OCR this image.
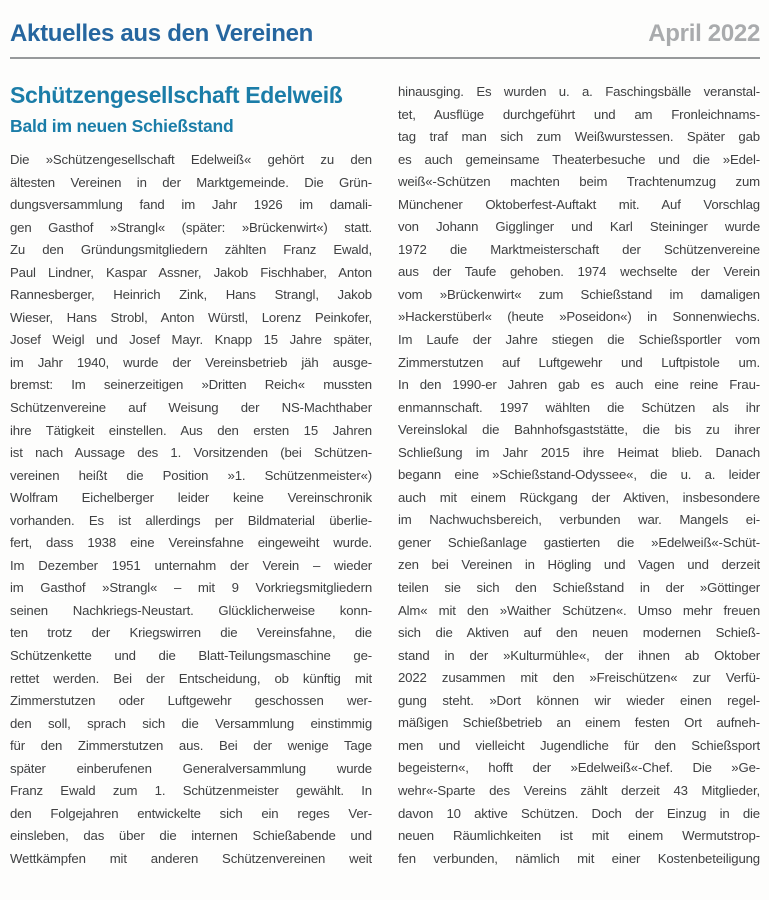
Aktuelles aus den Vereinen	April 2022
Schützengesellschaft Edelweiß
Bald im neuen Schießstand
Die »Schützengesellschaft Edelweiß« gehört zu den
ältesten Vereinen in der Marktgemeinde. Die Grün-
dungsversammlung fand im Jahr 1926 im damali-
gen Gasthof »Strangl« (später: »Brückenwirt«) statt.
Zu den Gründungsmitgliedern zählten Franz Ewald,
Paul Lindner, Kaspar Assner, Jakob Fischhaber, Anton
Rannesberger, Heinrich Zink, Hans Strangl, Jakob
Wieser, Hans Strobl, Anton Würstl, Lorenz Peinkofer,
Josef Weigl und Josef Mayr. Knapp 15 Jahre später,
im Jahr 1940, wurde der Vereinsbetrieb jäh ausge-
bremst: Im seinerzeitigen »Dritten Reich« mussten
Schützenvereine auf Weisung der NS-Machthaber
ihre Tätigkeit einstellen. Aus den ersten 15 Jahren
ist nach Aussage des 1. Vorsitzenden (bei Schützen-
vereinen heißt die Position »1. Schützenmeister«)
Wolfram Eichelberger leider keine Vereinschronik
vorhanden. Es ist allerdings per Bildmaterial überlie-
fert, dass 1938 eine Vereinsfahne eingeweiht wurde.
Im Dezember 1951 unternahm der Verein – wieder
im Gasthof »Strangl« – mit 9 Vorkriegsmitgliedern
seinen Nachkriegs-Neustart. Glücklicherweise konn-
ten trotz der Kriegswirren die Vereinsfahne, die
Schützenkette und die Blatt-Teilungsmaschine ge-
rettet werden. Bei der Entscheidung, ob künftig mit
Zimmerstutzen oder Luftgewehr geschossen wer-
den soll, sprach sich die Versammlung einstimmig
für den Zimmerstutzen aus. Bei der wenige Tage
später einberufenen Generalversammlung wurde
Franz Ewald zum 1. Schützenmeister gewählt. In
den Folgejahren entwickelte sich ein reges Ver-
einsleben, das über die internen Schießabende und
Wettkämpfen mit anderen Schützenvereinen weit
hinausging. Es wurden u. a. Faschingsbälle veranstal-
tet, Ausflüge durchgeführt und am Fronleichnams-
tag traf man sich zum Weißwurstessen. Später gab
es auch gemeinsame Theaterbesuche und die »Edel-
weiß«-Schützen machten beim Trachtenumzug zum
Münchener Oktoberfest-Auftakt mit. Auf Vorschlag
von Johann Gigglinger und Karl Steininger wurde
1972 die Marktmeisterschaft der Schützenvereine
aus der Taufe gehoben. 1974 wechselte der Verein
vom »Brückenwirt« zum Schießstand im damaligen
»Hackerstüberl« (heute »Poseidon«) in Sonnenwiechs.
Im Laufe der Jahre stiegen die Schießsportler vom
Zimmerstutzen auf Luftgewehr und Luftpistole um.
In den 1990-er Jahren gab es auch eine reine Frau-
enmannschaft. 1997 wählten die Schützen als ihr
Vereinslokal die Bahnhofsgaststätte, die bis zu ihrer
Schließung im Jahr 2015 ihre Heimat blieb. Danach
begann eine »Schießstand-Odyssee«, die u. a. leider
auch mit einem Rückgang der Aktiven, insbesondere
im Nachwuchsbereich, verbunden war. Mangels ei-
gener Schießanlage gastierten die »Edelweiß«-Schüt-
zen bei Vereinen in Högling und Vagen und derzeit
teilen sie sich den Schießstand in der »Göttinger
Alm« mit den »Waither Schützen«. Umso mehr freuen
sich die Aktiven auf den neuen modernen Schieß-
stand in der »Kulturmühle«, der ihnen ab Oktober
2022 zusammen mit den »Freischützen« zur Verfü-
gung steht. »Dort können wir wieder einen regel-
mäßigen Schießbetrieb an einem festen Ort aufneh-
men und vielleicht Jugendliche für den Schießsport
begeistern«, hofft der »Edelweiß«-Chef. Die »Ge-
wehr«-Sparte des Vereins zählt derzeit 43 Mitglieder,
davon 10 aktive Schützen. Doch der Einzug in die
neuen Räumlichkeiten ist mit einem Wermutstrop-
fen verbunden, nämlich mit einer Kostenbeteiligung
